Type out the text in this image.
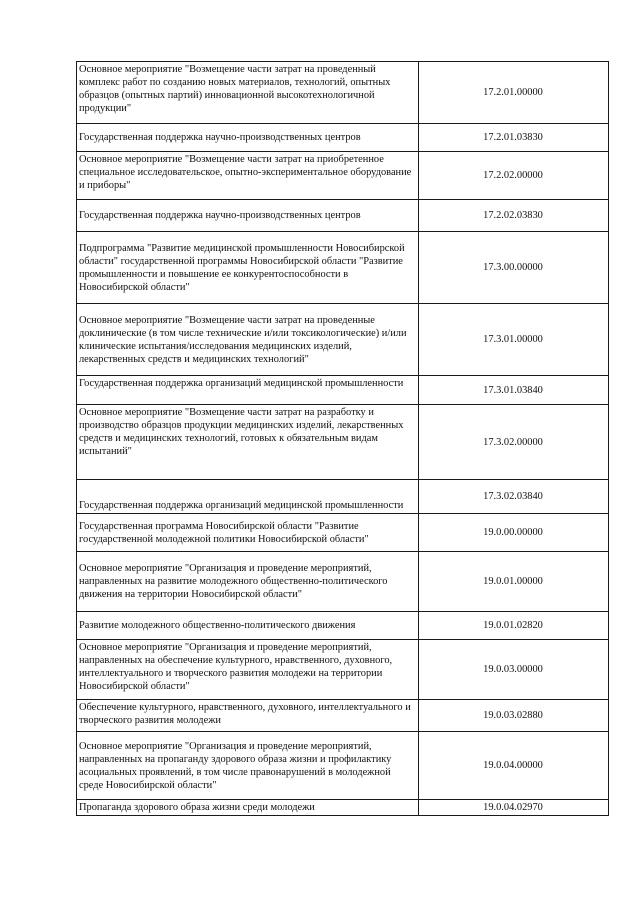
Основное мероприятие "Возмещение части затрат на проведенный комплекс работ по созданию новых материалов, технологий, опытных образцов (опытных партий) инновационной высокотехнологичной продукции"	17.2.01.00000
Государственная поддержка научно-производственных центров	17.2.01.03830
Основное мероприятие "Возмещение части затрат на приобретенное специальное исследовательское, опытно-экспериментальное оборудование и приборы"	17.2.02.00000
Государственная поддержка научно-производственных центров	17.2.02.03830
Подпрограмма "Развитие медицинской промышленности Новосибирской области" государственной программы Новосибирской области "Развитие промышленности и повышение ее конкурентоспособности в Новосибирской области"	17.3.00.00000
Основное мероприятие "Возмещение части затрат на проведенные доклинические (в том числе технические и/или токсикологические) и/или клинические испытания/исследования медицинских изделий, лекарственных средств и медицинских технологий"	17.3.01.00000
Государственная поддержка организаций медицинской промышленности	17.3.01.03840
Основное мероприятие "Возмещение части затрат на разработку и производство образцов продукции медицинских изделий, лекарственных средств и медицинских технологий, готовых к обязательным видам испытаний"	17.3.02.00000
Государственная поддержка организаций медицинской промышленности	17.3.02.03840
Государственная программа Новосибирской области "Развитие государственной молодежной политики Новосибирской области"	19.0.00.00000
Основное мероприятие "Организация и проведение мероприятий, направленных на развитие молодежного общественно-политического движения на территории Новосибирской области"	19.0.01.00000
Развитие молодежного общественно-политического движения	19.0.01.02820
Основное мероприятие "Организация и проведение мероприятий, направленных на обеспечение культурного, нравственного, духовного, интеллектуального и творческого развития молодежи на территории Новосибирской области"	19.0.03.00000
Обеспечение культурного, нравственного, духовного, интеллектуального и творческого развития молодежи	19.0.03.02880
Основное мероприятие "Организация и проведение мероприятий, направленных на пропаганду здорового образа жизни и профилактику асоциальных проявлений, в том числе правонарушений в молодежной среде Новосибирской области"	19.0.04.00000
Пропаганда здорового образа жизни среди молодежи	19.0.04.02970
